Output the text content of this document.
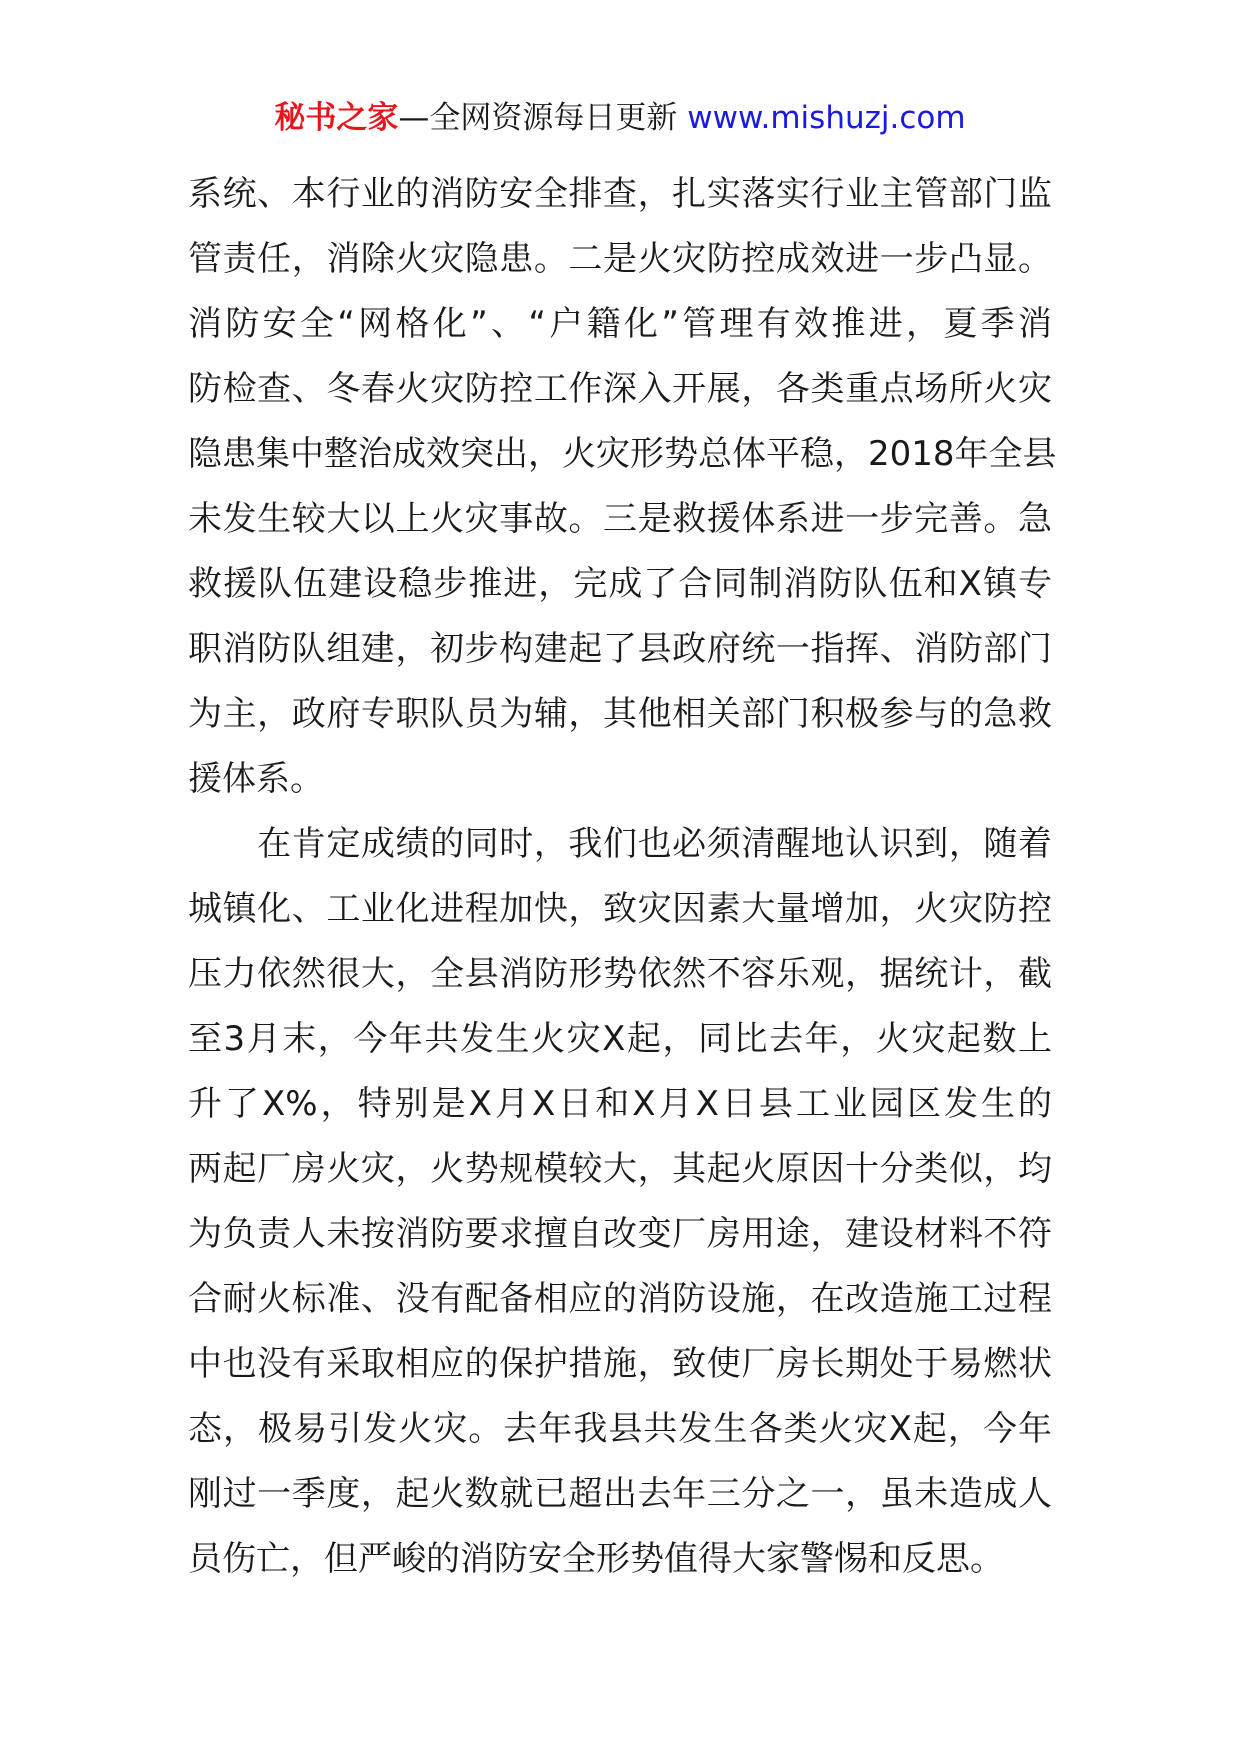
秘书之家—全网资源每日更新 www.mishuzj.com
系统、本行业的消防安全排查，扎实落实行业主管部门监
管责任，消除火灾隐患。二是火灾防控成效进一步凸显。
消防安全“网格化”、“户籍化”管理有效推进，夏季消
防检查、冬春火灾防控工作深入开展，各类重点场所火灾
隐患集中整治成效突出，火灾形势总体平稳，2018年全县
未发生较大以上火灾事故。三是救援体系进一步完善。急
救援队伍建设稳步推进，完成了合同制消防队伍和X镇专
职消防队组建，初步构建起了县政府统一指挥、消防部门
为主，政府专职队员为辅，其他相关部门积极参与的急救
援体系。
　　在肯定成绩的同时，我们也必须清醒地认识到，随着
城镇化、工业化进程加快，致灾因素大量增加，火灾防控
压力依然很大，全县消防形势依然不容乐观，据统计，截
至3月末，今年共发生火灾X起，同比去年，火灾起数上
升了X%，特别是X月X日和X月X日县工业园区发生的
两起厂房火灾，火势规模较大，其起火原因十分类似，均
为负责人未按消防要求擅自改变厂房用途，建设材料不符
合耐火标准、没有配备相应的消防设施，在改造施工过程
中也没有采取相应的保护措施，致使厂房长期处于易燃状
态，极易引发火灾。去年我县共发生各类火灾X起，今年
刚过一季度，起火数就已超出去年三分之一，虽未造成人
员伤亡，但严峻的消防安全形势值得大家警惕和反思。
